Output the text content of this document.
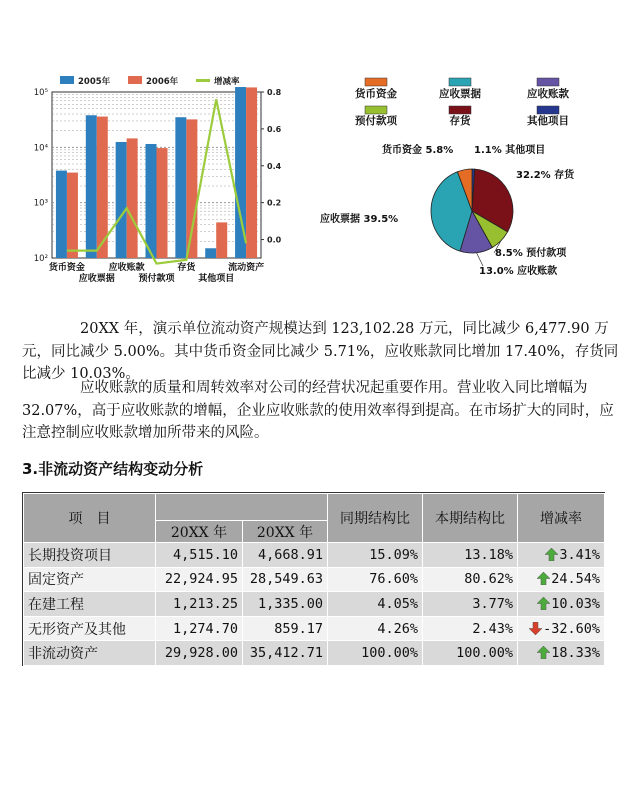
2005年	2006年	增减率
10²
10³
10⁴
10⁵
0.0
0.2
0.4
0.6
0.8
货币资金
应收票据
应收账款
预付款项
存货
其他项目
流动资产
货币资金	应收票据	应收账款
预付款项	存货	其他项目
货币资金 5.8%
应收票据 39.5%
13.0% 应收账款
8.5% 预付款项
32.2% 存货
1.1% 其他项目

20XX 年，演示单位流动资产规模达到 123,102.28 万元，同比减少 6,477.90 万元，同比减少 5.00%。其中货币资金同比减少 5.71%，应收账款同比增加 17.40%，存货同比减少 10.03%。

应收账款的质量和周转效率对公司的经营状况起重要作用。营业收入同比增幅为 32.07%，高于应收账款的增幅，企业应收账款的使用效率得到提高。在市场扩大的同时，应注意控制应收账款增加所带来的风险。

3.非流动资产结构变动分析
项　目			同期结构比	本期结构比	增减率
	20XX 年	20XX 年			
长期投资项目	4,515.10	4,668.91	15.09%	13.18%	3.41%
固定资产	22,924.95	28,549.63	76.60%	80.62%	24.54%
在建工程	1,213.25	1,335.00	4.05%	3.77%	10.03%
无形资产及其他	1,274.70	859.17	4.26%	2.43%	-32.60%
非流动资产	29,928.00	35,412.71	100.00%	100.00%	18.33%
